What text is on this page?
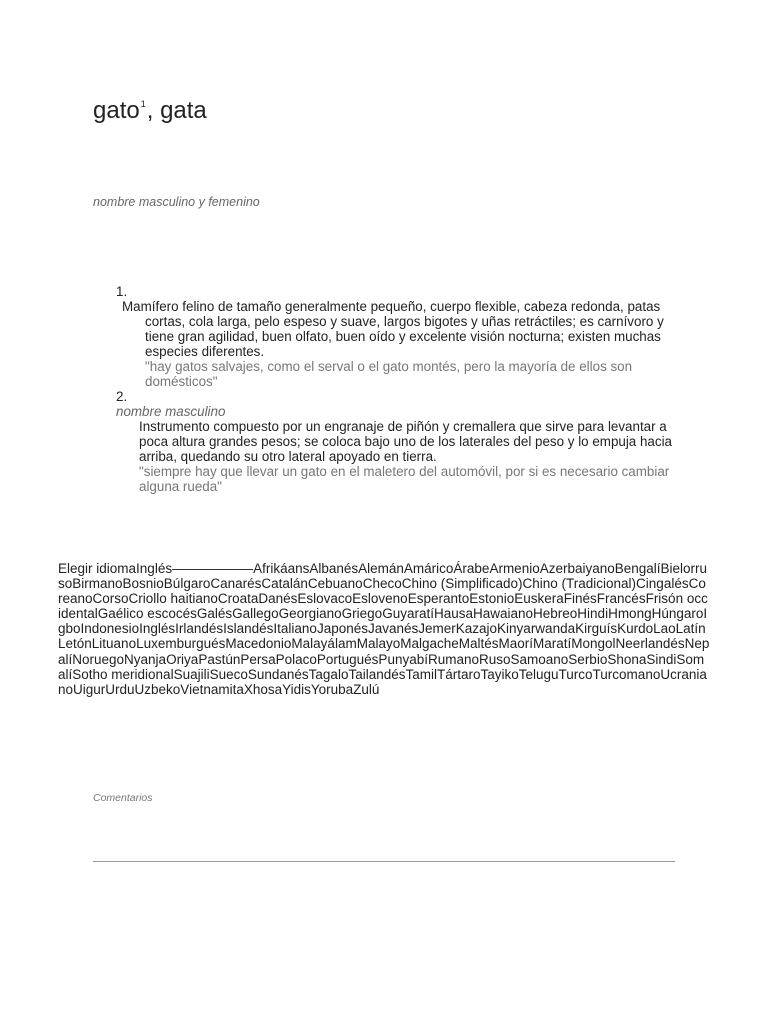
gato$^1$, gata
nombre masculino y femenino
1.
Mamífero felino de tamaño generalmente pequeño, cuerpo flexible, cabeza redonda, patas cortas, cola larga, pelo espeso y suave, largos bigotes y uñas retráctiles; es carnívoro y tiene gran agilidad, buen olfato, buen oído y excelente visión nocturna; existen muchas especies diferentes.
"hay gatos salvajes, como el serval o el gato montés, pero la mayoría de ellos son domésticos"
2.
nombre masculino
Instrumento compuesto por un engranaje de piñón y cremallera que sirve para levantar a poca altura grandes pesos; se coloca bajo uno de los laterales del peso y lo empuja hacia arriba, quedando su otro lateral apoyado en tierra.
"siempre hay que llevar un gato en el maletero del automóvil, por si es necesario cambiar alguna rueda"
Elegir idiomaInglés——————AfrikáansAlbanésAlemánAmáricoÁrabeArmenioAzerbaiyanoBengalíBielorrusoBirmanoBosnioBúlgaroCanarésCatalánCebuanoChecoChino (Simplificado)Chino (Tradicional)CingalésCoreanoCorsoCriollo haitianoCroataDanésEslovacoEslovenoEsperantoEstonioEuskeraFinésFrancésFrisón occidentalGaélico escocésGalésGallegoGeorgianoGriegoGuyaratíHausaHawaianoHebreoHindiHmongHúngaroIgboIndonesioInglésIrlandésIslandésItalianoJaponésJavanésJemerKazajoKinyarwandaKirguísKurdoLaoLatínLetónLituanoLuxemburguésMacedonioMalayálamMalayoMalgacheMaltésMaoríMaratíMongolNeerlandésNepalíNoruegoNyanjaOriyaPastúnPersaPolacoPortuguésPunyabíRumanoRusoSamoanoSerbioShonaSindiSomalíSotho meridionalSuajiliSuecoSundanésTagaloTailandésTamilTártaroTayikoTeluguTurcoTurcomanoUcranianoUigurUrduUzbekoVietnamitaXhosaYidisYorubaZulú
Comentarios
